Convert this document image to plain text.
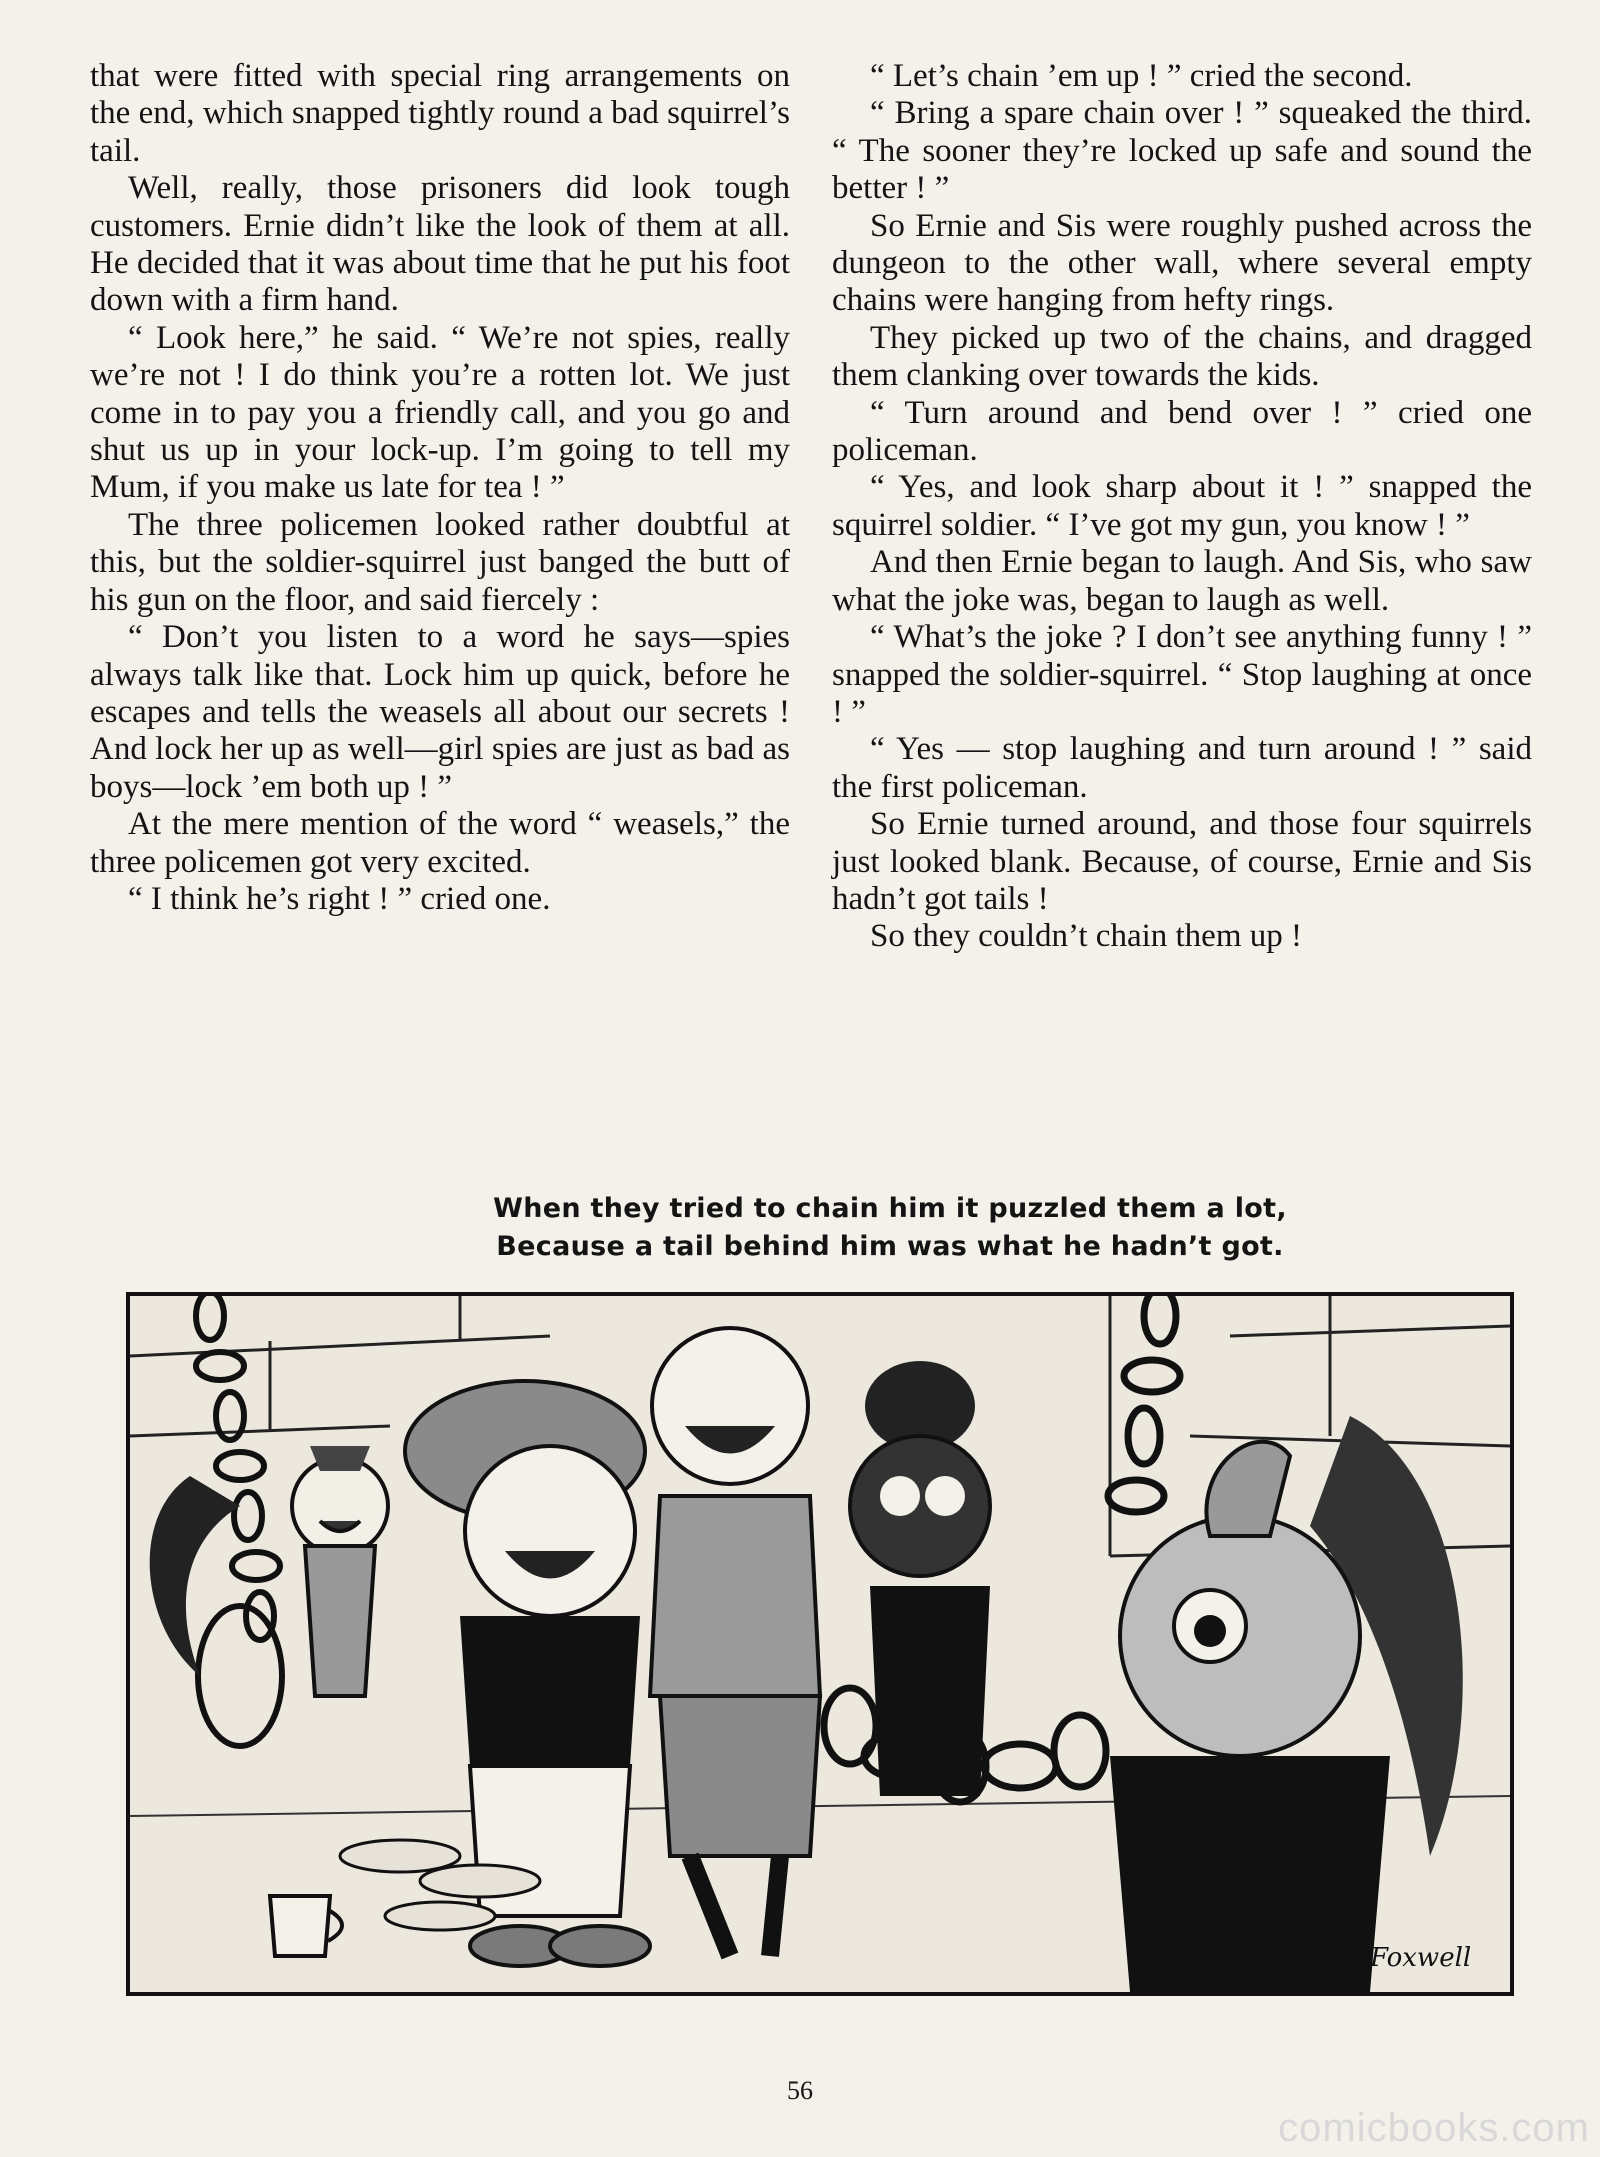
that were fitted with special ring arrangements on the end, which snapped tightly round a bad squirrel’s tail.

Well, really, those prisoners did look tough customers. Ernie didn’t like the look of them at all. He decided that it was about time that he put his foot down with a firm hand.

“ Look here,” he said. “ We’re not spies, really we’re not ! I do think you’re a rotten lot. We just come in to pay you a friendly call, and you go and shut us up in your lock-up. I’m going to tell my Mum, if you make us late for tea ! ”

The three policemen looked rather doubtful at this, but the soldier-squirrel just banged the butt of his gun on the floor, and said fiercely :

“ Don’t you listen to a word he says—spies always talk like that. Lock him up quick, before he escapes and tells the weasels all about our secrets ! And lock her up as well—girl spies are just as bad as boys—lock ’em both up ! ”

At the mere mention of the word “ weasels,” the three policemen got very excited.

“ I think he’s right ! ” cried one.

“ Let’s chain ’em up ! ” cried the second.

“ Bring a spare chain over ! ” squeaked the third. “ The sooner they’re locked up safe and sound the better ! ”

So Ernie and Sis were roughly pushed across the dungeon to the other wall, where several empty chains were hanging from hefty rings.

They picked up two of the chains, and dragged them clanking over towards the kids.

“ Turn around and bend over ! ” cried one policeman.

“ Yes, and look sharp about it ! ” snapped the squirrel soldier. “ I’ve got my gun, you know ! ”

And then Ernie began to laugh. And Sis, who saw what the joke was, began to laugh as well.

“ What’s the joke ? I don’t see anything funny ! ” snapped the soldier-squirrel. “ Stop laughing at once ! ”

“ Yes — stop laughing and turn around ! ” said the first policeman.

So Ernie turned around, and those four squirrels just looked blank. Because, of course, Ernie and Sis hadn’t got tails !

So they couldn’t chain them up !

When they tried to chain him it puzzled them a lot,
Because a tail behind him was what he hadn’t got.
Foxwell
56
comicbooks.com
